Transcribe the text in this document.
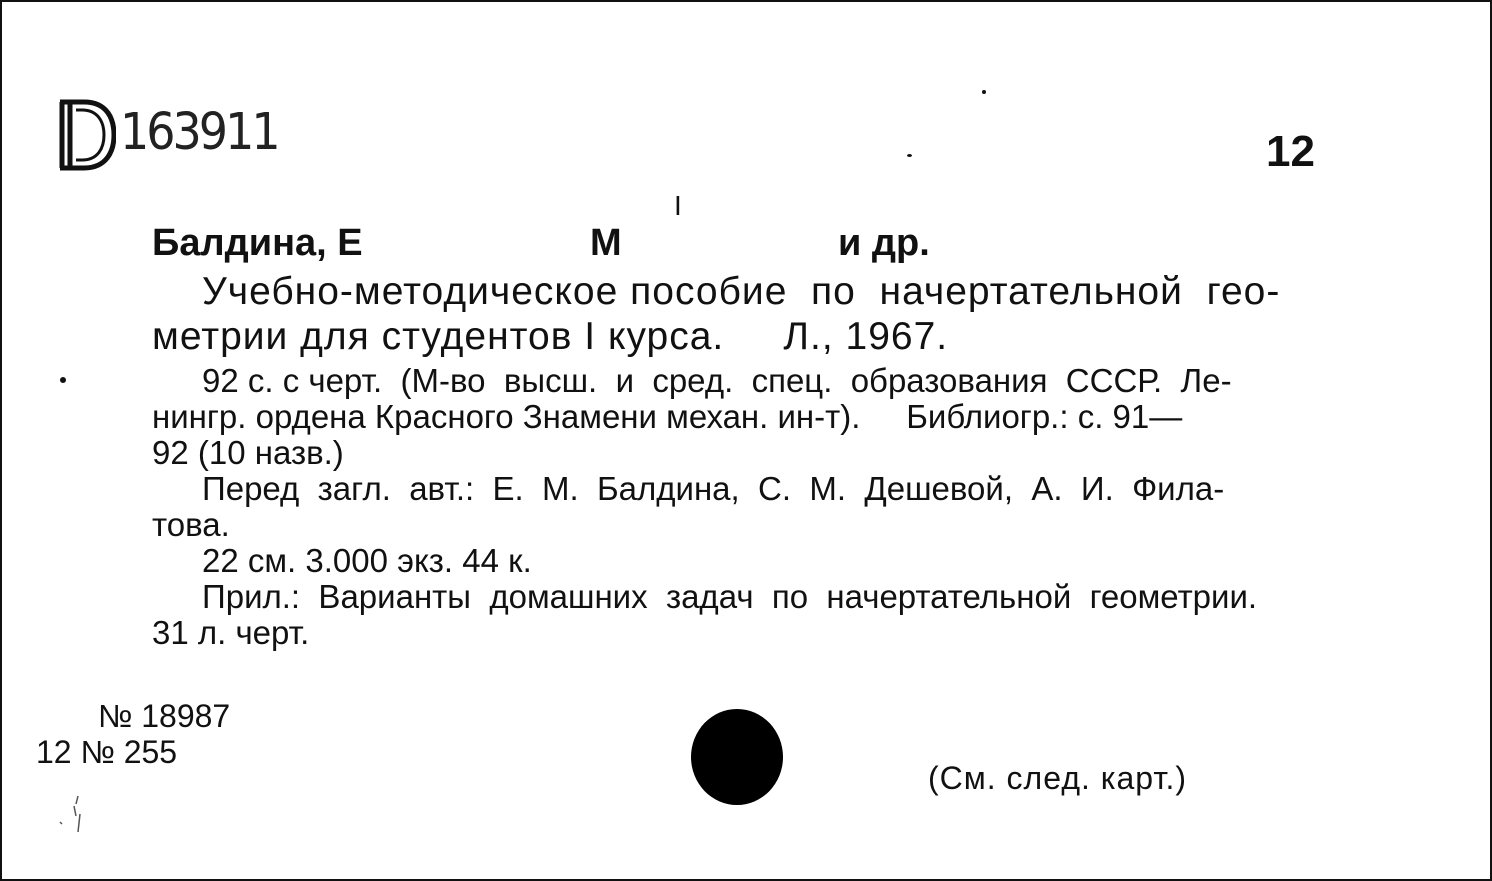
163911	12
I
Балдина, Е	М	и др.
Учебно-методическое пособие  по  начертательной  гео-
метрии для студентов I курса.     Л., 1967.
92 с. с черт.  (М-во  высш.  и  сред.  спец.  образования  СССР.  Ле-
нингр. ордена Красного Знамени механ. ин-т).     Библиогр.: с. 91—
92 (10 назв.)
Перед  загл.  авт.:  Е.  М.  Балдина,  С.  М.  Дешевой,  А.  И.  Фила-
това.
22 см. 3.000 экз. 44 к.
Прил.:  Варианты  домашних  задач  по  начертательной  геометрии.
31 л. черт.
№ 18987
12 № 255
(См. след. карт.)
